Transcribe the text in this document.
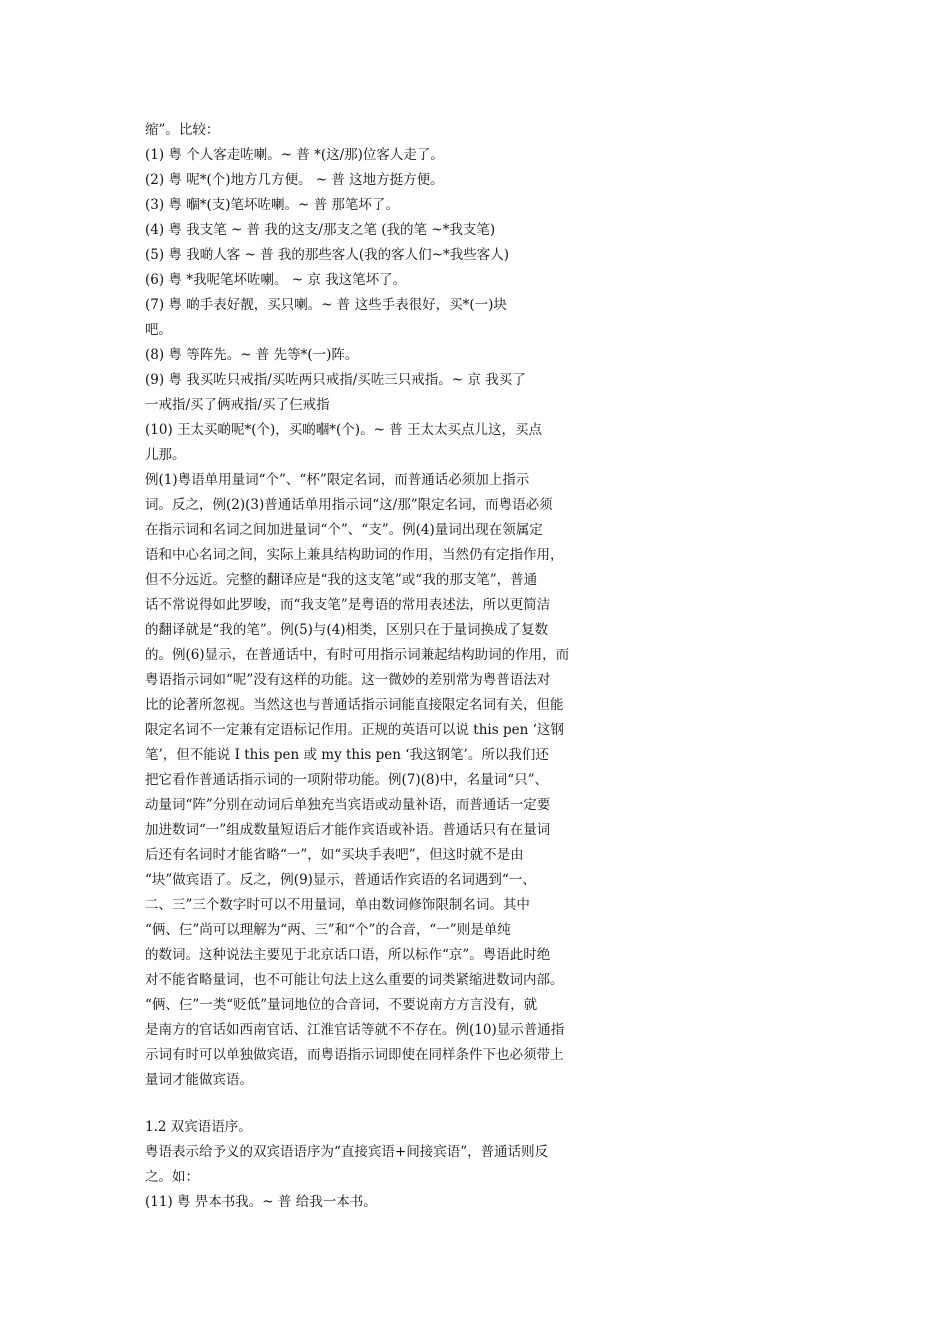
缩”。比较：
(1) 粤 个人客走咗喇。~ 普 *(这/那)位客人走了。
(2) 粤 呢*(个)地方几方便。 ~ 普 这地方挺方便。
(3) 粤 嗰*(支)笔坏咗喇。~ 普 那笔坏了。
(4) 粤 我支笔 ~ 普 我的这支/那支之笔 (我的笔 ~*我支笔)
(5) 粤 我啲人客 ~ 普 我的那些客人(我的客人们~*我些客人)
(6) 粤 *我呢笔坏咗喇。 ~ 京 我这笔坏了。
(7) 粤 啲手表好靓，买只喇。~ 普 这些手表很好，买*(一)块
吧。
(8) 粤 等阵先。~ 普 先等*(一)阵。
(9) 粤 我买咗只戒指/买咗两只戒指/买咗三只戒指。~ 京 我买了
一戒指/买了俩戒指/买了仨戒指
(10) 王太买啲呢*(个)，买啲嗰*(个)。~ 普 王太太买点儿这，买点
儿那。
例(1)粤语单用量词“个”、“杯”限定名词，而普通话必须加上指示
词。反之，例(2)(3)普通话单用指示词“这/那”限定名词，而粤语必须
在指示词和名词之间加进量词“个”、“支”。例(4)量词出现在领属定
语和中心名词之间，实际上兼具结构助词的作用，当然仍有定指作用，
但不分远近。完整的翻译应是“我的这支笔”或“我的那支笔”，普通
话不常说得如此罗唆，而“我支笔”是粤语的常用表述法，所以更简洁
的翻译就是“我的笔”。例(5)与(4)相类，区别只在于量词换成了复数
的。例(6)显示，在普通话中，有时可用指示词兼起结构助词的作用，而
粤语指示词如“呢”没有这样的功能。这一微妙的差别常为粤普语法对
比的论著所忽视。当然这也与普通话指示词能直接限定名词有关，但能
限定名词不一定兼有定语标记作用。正规的英语可以说 this pen ‘这钢
笔’，但不能说 I this pen 或 my this pen ‘我这钢笔’。所以我们还
把它看作普通话指示词的一项附带功能。例(7)(8)中，名量词“只”、
动量词“阵”分别在动词后单独充当宾语或动量补语，而普通话一定要
加进数词“一”组成数量短语后才能作宾语或补语。普通话只有在量词
后还有名词时才能省略“一”，如“买块手表吧”，但这时就不是由
“块”做宾语了。反之，例(9)显示，普通话作宾语的名词遇到“一、
二、三”三个数字时可以不用量词，单由数词修饰限制名词。其中
“俩、仨”尚可以理解为“两、三”和“个”的合音，“一”则是单纯
的数词。这种说法主要见于北京话口语，所以标作“京”。粤语此时绝
对不能省略量词，也不可能让句法上这么重要的词类紧缩进数词内部。
“俩、仨”一类“贬低”量词地位的合音词，不要说南方方言没有，就
是南方的官话如西南官话、江淮官话等就不不存在。例(10)显示普通指
示词有时可以单独做宾语，而粤语指示词即使在同样条件下也必须带上
量词才能做宾语。
1.2 双宾语语序。
粤语表示给予义的双宾语语序为“直接宾语+间接宾语”，普通话则反
之。如：
(11) 粤 畀本书我。~ 普 给我一本书。
